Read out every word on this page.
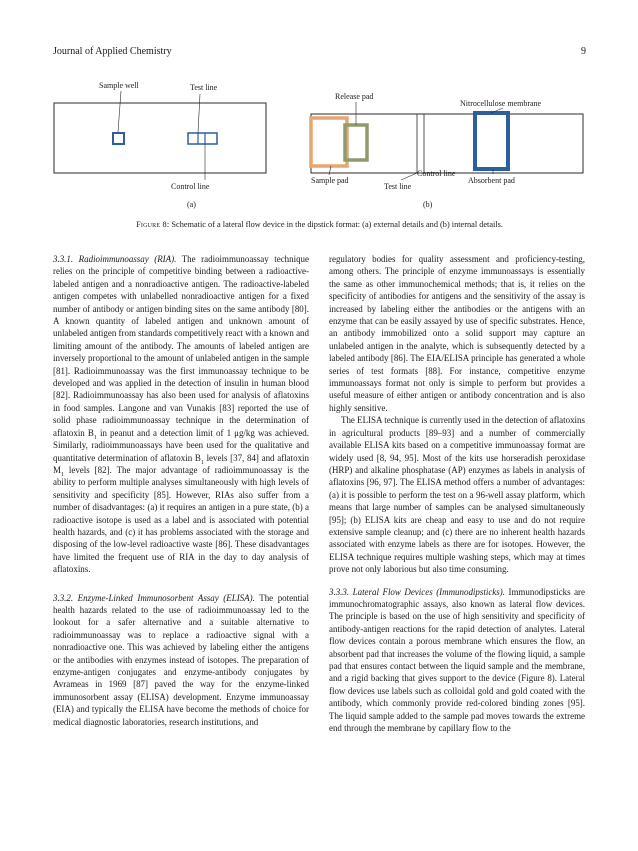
Journal of Applied Chemistry	9
Sample well	Test line
Control line
(a)
Release pad
Nitrocellulose membrane
Control line
Sample pad
Test line
Absorbent pad
(b)
Figure 8: Schematic of a lateral flow device in the dipstick format: (a) external details and (b) internal details.

3.3.1. Radioimmunoassay (RIA). The radioimmunoassay technique relies on the principle of competitive binding between a radioactive-labeled antigen and a nonradioactive antigen. The radioactive-labeled antigen competes with unlabelled nonradioactive antigen for a fixed number of antibody or antigen binding sites on the same antibody [80]. A known quantity of labeled antigen and unknown amount of unlabeled antigen from standards competitively react with a known and limiting amount of the antibody. The amounts of labeled antigen are inversely proportional to the amount of unlabeled antigen in the sample [81]. Radioimmunoassay was the first immunoassay technique to be developed and was applied in the detection of insulin in human blood [82]. Radioimmunoassay has also been used for analysis of aflatoxins in food samples. Langone and van Vunakis [83] reported the use of solid phase radioimmunoassay technique in the determination of aflatoxin $B_1$ in peanut and a detection limit of 1 μg/kg was achieved. Similarly, radioimmunoassays have been used for the qualitative and quantitative determination of aflatoxin $B_1$ levels [37, 84] and aflatoxin $M_1$ levels [82]. The major advantage of radioimmunoassay is the ability to perform multiple analyses simultaneously with high levels of sensitivity and specificity [85]. However, RIAs also suffer from a number of disadvantages: (a) it requires an antigen in a pure state, (b) a radioactive isotope is used as a label and is associated with potential health hazards, and (c) it has problems associated with the storage and disposing of the low-level radioactive waste [86]. These disadvantages have limited the frequent use of RIA in the day to day analysis of aflatoxins.

3.3.2. Enzyme-Linked Immunosorbent Assay (ELISA). The potential health hazards related to the use of radioimmunoassay led to the lookout for a safer alternative and a suitable alternative to radioimmunoassay was to replace a radioactive signal with a nonradioactive one. This was achieved by labeling either the antigens or the antibodies with enzymes instead of isotopes. The preparation of enzyme-antigen conjugates and enzyme-antibody conjugates by Avrameas in 1969 [87] paved the way for the enzyme-linked immunosorbent assay (ELISA) development. Enzyme immunoassay (EIA) and typically the ELISA have become the methods of choice for medical diagnostic laboratories, research institutions, and

regulatory bodies for quality assessment and proficiency-testing, among others. The principle of enzyme immunoassays is essentially the same as other immunochemical methods; that is, it relies on the specificity of antibodies for antigens and the sensitivity of the assay is increased by labeling either the antibodies or the antigens with an enzyme that can be easily assayed by use of specific substrates. Hence, an antibody immobilized onto a solid support may capture an unlabeled antigen in the analyte, which is subsequently detected by a labeled antibody [86]. The EIA/ELISA principle has generated a whole series of test formats [88]. For instance, competitive enzyme immunoassays format not only is simple to perform but provides a useful measure of either antigen or antibody concentration and is also highly sensitive.

The ELISA technique is currently used in the detection of aflatoxins in agricultural products [89–93] and a number of commercially available ELISA kits based on a competitive immunoassay format are widely used [8, 94, 95]. Most of the kits use horseradish peroxidase (HRP) and alkaline phosphatase (AP) enzymes as labels in analysis of aflatoxins [96, 97]. The ELISA method offers a number of advantages: (a) it is possible to perform the test on a 96-well assay platform, which means that large number of samples can be analysed simultaneously [95]; (b) ELISA kits are cheap and easy to use and do not require extensive sample cleanup; and (c) there are no inherent health hazards associated with enzyme labels as there are for isotopes. However, the ELISA technique requires multiple washing steps, which may at times prove not only laborious but also time consuming.

3.3.3. Lateral Flow Devices (Immunodipsticks). Immunodipsticks are immunochromatographic assays, also known as lateral flow devices. The principle is based on the use of high sensitivity and specificity of antibody-antigen reactions for the rapid detection of analytes. Lateral flow devices contain a porous membrane which ensures the flow, an absorbent pad that increases the volume of the flowing liquid, a sample pad that ensures contact between the liquid sample and the membrane, and a rigid backing that gives support to the device (Figure 8). Lateral flow devices use labels such as colloidal gold and gold coated with the antibody, which commonly provide red-colored binding zones [95]. The liquid sample added to the sample pad moves towards the extreme end through the membrane by capillary flow to the
